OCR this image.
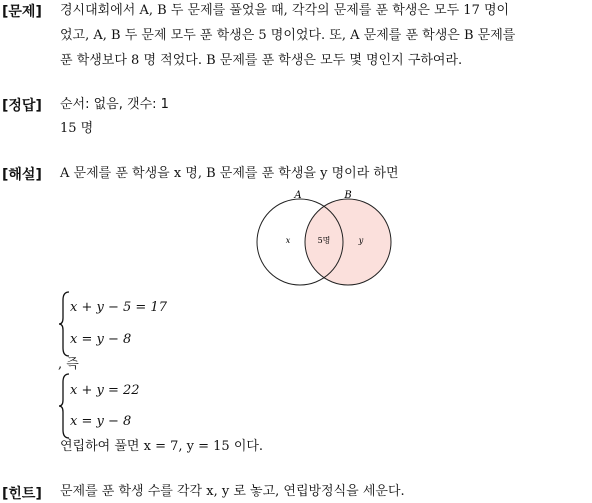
[문제] 경시대회에서 A, B 두 문제를 풀었을 때, 각각의 문제를 푼 학생은 모두 17 명이
었고, A, B 두 문제 모두 푼 학생은 5 명이었다. 또, A 문제를 푼 학생은 B 문제를
푼 학생보다 8 명 적었다. B 문제를 푼 학생은 모두 몇 명인지 구하여라.
[정답] 순서: 없음, 갯수: 1
15 명
[해설] A 문제를 푼 학생을 x 명, B 문제를 푼 학생을 y 명이라 하면
A	B
x	5명	y
x + y − 5 = 17
x = y − 8
, 즉
x + y = 22
x = y − 8
연립하여 풀면 x = 7, y = 15 이다.
[힌트] 문제를 푼 학생 수를 각각 x, y 로 놓고, 연립방정식을 세운다.
